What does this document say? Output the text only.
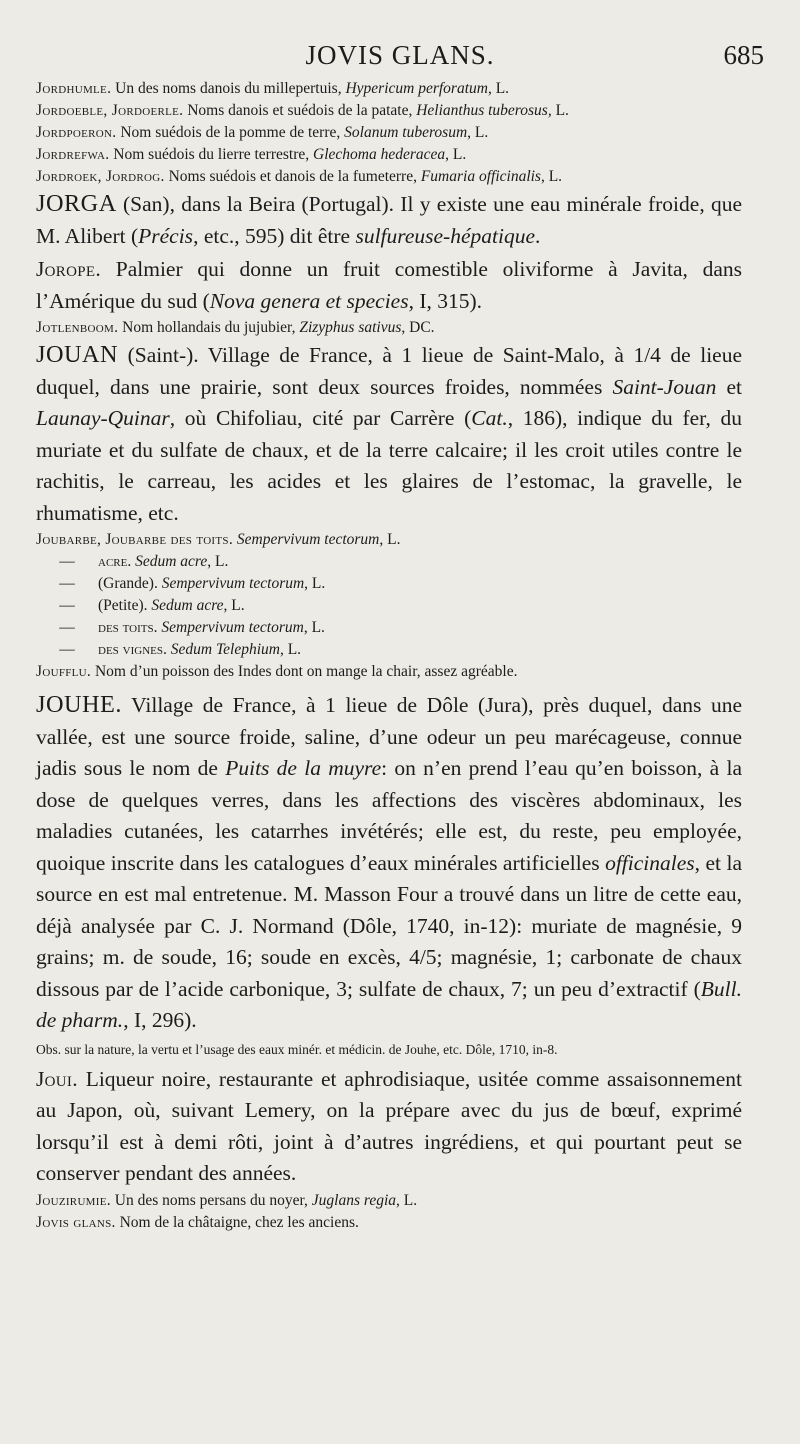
JOVIS GLANS.	685

Jordhumle. Un des noms danois du millepertuis, Hypericum perforatum, L.

Jordoeble, Jordoerle. Noms danois et suédois de la patate, Helianthus tuberosus, L.

Jordpoeron. Nom suédois de la pomme de terre, Solanum tuberosum, L.

Jordrefwa. Nom suédois du lierre terrestre, Glechoma hederacea, L.

Jordroek, Jordrog. Noms suédois et danois de la fumeterre, Fumaria officinalis, L.

JORGA (San), dans la Beira (Portugal). Il y existe une eau minérale froide, que M. Alibert (Précis, etc., 595) dit être sulfureuse-hépatique.

Jorope. Palmier qui donne un fruit comestible oliviforme à Javita, dans l’Amérique du sud (Nova genera et species, I, 315).

Jotlenboom. Nom hollandais du jujubier, Zizyphus sativus, DC.

JOUAN (Saint-). Village de France, à 1 lieue de Saint-Malo, à 1/4 de lieue duquel, dans une prairie, sont deux sources froides, nommées Saint-Jouan et Launay-Quinar, où Chifoliau, cité par Carrère (Cat., 186), indique du fer, du muriate et du sulfate de chaux, et de la terre calcaire; il les croit utiles contre le rachitis, le carreau, les acides et les glaires de l’estomac, la gravelle, le rhumatisme, etc.

Joubarbe, Joubarbe des toits. Sempervivum tectorum, L.
— acre. Sedum acre, L.
— (Grande). Sempervivum tectorum, L.
— (Petite). Sedum acre, L.
— des toits. Sempervivum tectorum, L.
— des vignes. Sedum Telephium, L.

Joufflu. Nom d’un poisson des Indes dont on mange la chair, assez agréable.

JOUHE. Village de France, à 1 lieue de Dôle (Jura), près duquel, dans une vallée, est une source froide, saline, d’une odeur un peu marécageuse, connue jadis sous le nom de Puits de la muyre: on n’en prend l’eau qu’en boisson, à la dose de quelques verres, dans les affections des viscères abdominaux, les maladies cutanées, les catarrhes invétérés; elle est, du reste, peu employée, quoique inscrite dans les catalogues d’eaux minérales artificielles officinales, et la source en est mal entretenue. M. Masson Four a trouvé dans un litre de cette eau, déjà analysée par C. J. Normand (Dôle, 1740, in-12): muriate de magnésie, 9 grains; m. de soude, 16; soude en excès, 4/5; magnésie, 1; carbonate de chaux dissous par de l’acide carbonique, 3; sulfate de chaux, 7; un peu d’extractif (Bull. de pharm., I, 296).

Obs. sur la nature, la vertu et l’usage des eaux minér. et médicin. de Jouhe, etc. Dôle, 1710, in-8.

Joui. Liqueur noire, restaurante et aphrodisiaque, usitée comme assaisonnement au Japon, où, suivant Lemery, on la prépare avec du jus de bœuf, exprimé lorsqu’il est à demi rôti, joint à d’autres ingrédiens, et qui pourtant peut se conserver pendant des années.

Jouzirumie. Un des noms persans du noyer, Juglans regia, L.

Jovis glans. Nom de la châtaigne, chez les anciens.
